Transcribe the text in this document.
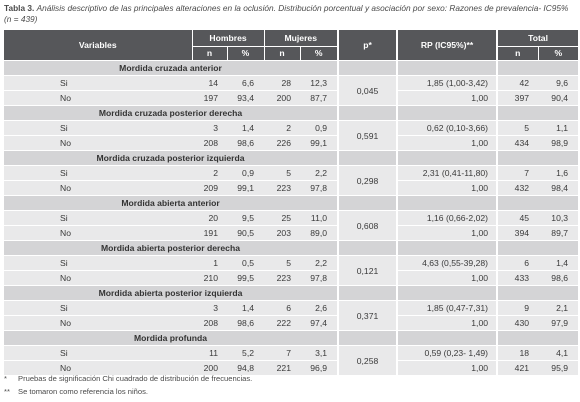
Tabla 3. Análisis descriptivo de las principales alteraciones en la oclusión. Distribución porcentual y asociación por sexo: Razones de prevalencia- IC95% (n = 439)
Variables	Hombres		Mujeres			p*		RP (IC95%)**		Total	
	n	%	n	%						n	%
Mordida cruzada anterior											
Si	14	6,6	28	12,3		0,045		1,85 (1,00-3,42)		42	9,6
No	197	93,4	200	87,7				1,00		397	90,4
Mordida cruzada posterior derecha											
Si	3	1,4	2	0,9		0,591		0,62 (0,10-3,66)		5	1,1
No	208	98,6	226	99,1				1,00		434	98,9
Mordida cruzada posterior izquierda											
Si	2	0,9	5	2,2		0,298		2,31 (0,41-11,80)		7	1,6
No	209	99,1	223	97,8				1,00		432	98,4
Mordida abierta anterior											
Si	20	9,5	25	11,0		0,608		1,16 (0,66-2,02)		45	10,3
No	191	90,5	203	89,0				1,00		394	89,7
Mordida abierta posterior derecha											
Si	1	0,5	5	2,2		0,121		4,63 (0,55-39,28)		6	1,4
No	210	99,5	223	97,8				1,00		433	98,6
Mordida abierta posterior izquierda											
Si	3	1,4	6	2,6		0,371		1,85 (0,47-7,31)		9	2,1
No	208	98,6	222	97,4				1,00		430	97,9
Mordida profunda											
Si	11	5,2	7	3,1		0,258		0,59 (0,23- 1,49)		18	4,1
No	200	94,8	221	96,9				1,00		421	95,9
* Pruebas de significación Chi cuadrado de distribución de frecuencias.
** Se tomaron como referencia los niños.
